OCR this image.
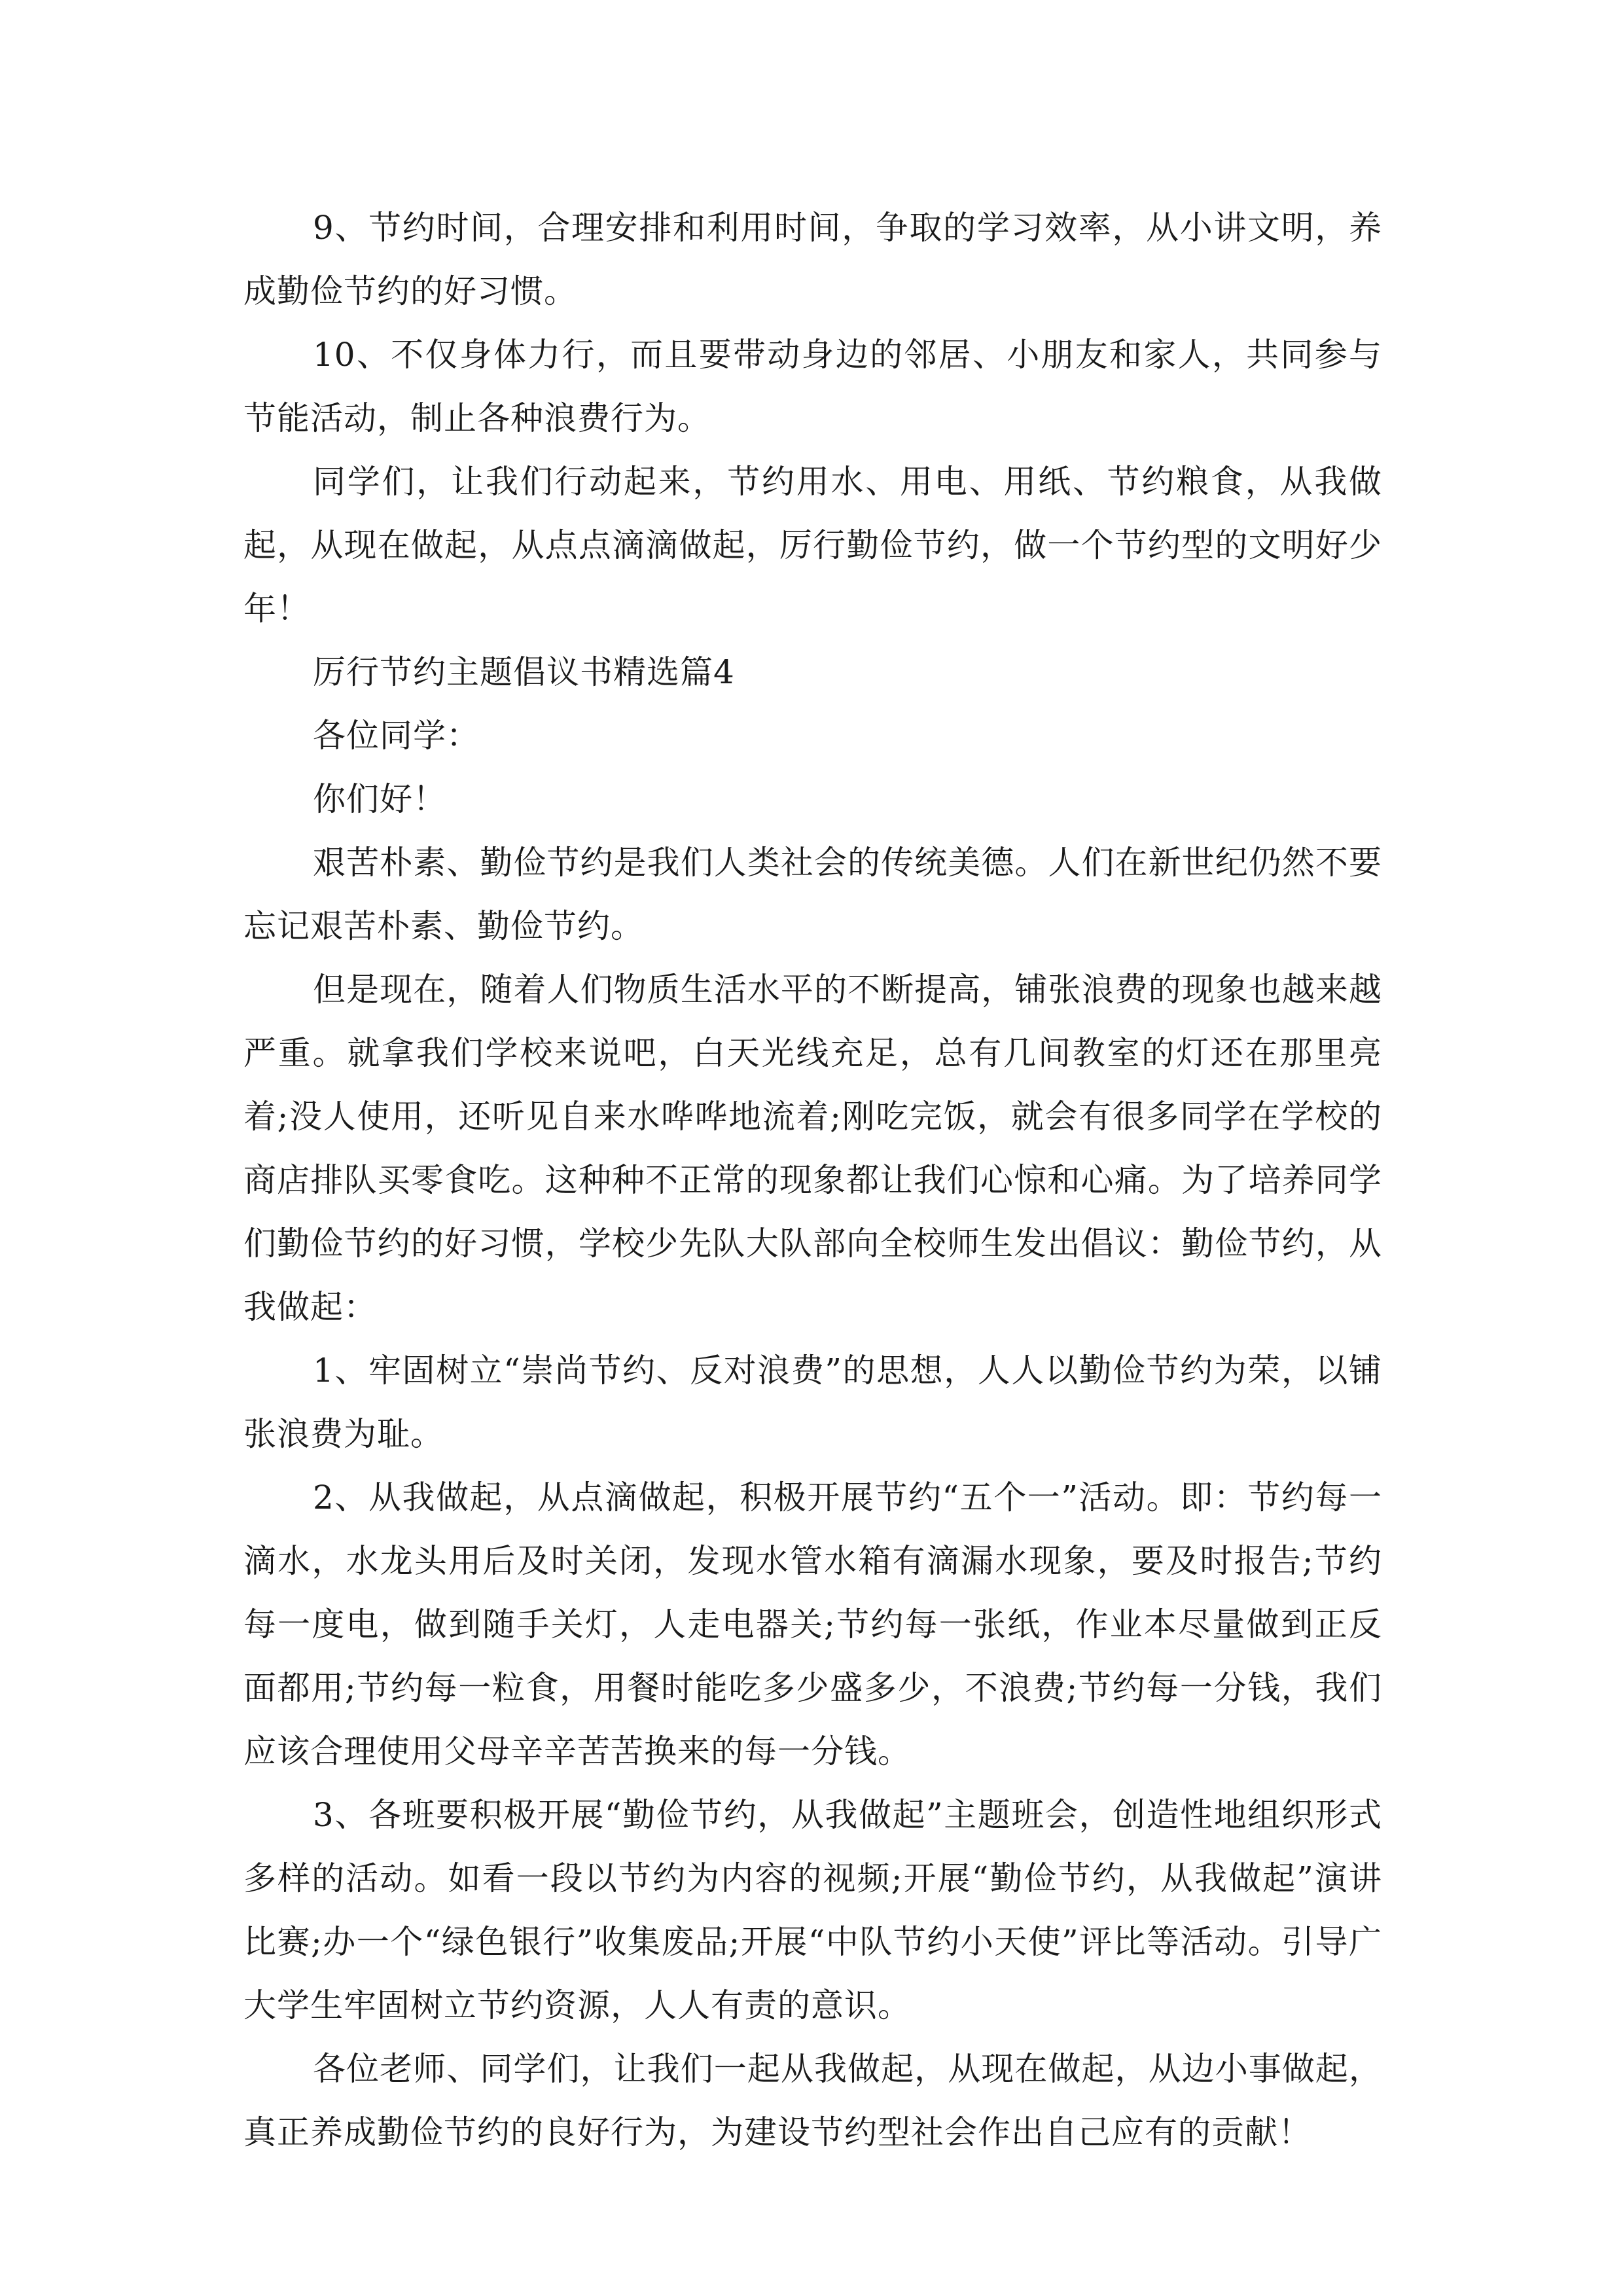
9、节约时间，合理安排和利用时间，争取的学习效率，从小讲文明，养成勤俭节约的好习惯。

10、不仅身体力行，而且要带动身边的邻居、小朋友和家人，共同参与节能活动，制止各种浪费行为。

同学们，让我们行动起来，节约用水、用电、用纸、节约粮食，从我做起，从现在做起，从点点滴滴做起，厉行勤俭节约，做一个节约型的文明好少年！

厉行节约主题倡议书精选篇4

各位同学：

你们好！

艰苦朴素、勤俭节约是我们人类社会的传统美德。人们在新世纪仍然不要忘记艰苦朴素、勤俭节约。

但是现在，随着人们物质生活水平的不断提高，铺张浪费的现象也越来越严重。就拿我们学校来说吧，白天光线充足，总有几间教室的灯还在那里亮着;没人使用，还听见自来水哗哗地流着;刚吃完饭，就会有很多同学在学校的商店排队买零食吃。这种种不正常的现象都让我们心惊和心痛。为了培养同学们勤俭节约的好习惯，学校少先队大队部向全校师生发出倡议：勤俭节约，从我做起：

1、牢固树立“崇尚节约、反对浪费”的思想，人人以勤俭节约为荣，以铺张浪费为耻。

2、从我做起，从点滴做起，积极开展节约“五个一”活动。即：节约每一滴水，水龙头用后及时关闭，发现水管水箱有滴漏水现象，要及时报告;节约每一度电，做到随手关灯，人走电器关;节约每一张纸，作业本尽量做到正反面都用;节约每一粒食，用餐时能吃多少盛多少，不浪费;节约每一分钱，我们应该合理使用父母辛辛苦苦换来的每一分钱。

3、各班要积极开展“勤俭节约，从我做起”主题班会，创造性地组织形式多样的活动。如看一段以节约为内容的视频;开展“勤俭节约，从我做起”演讲比赛;办一个“绿色银行”收集废品;开展“中队节约小天使”评比等活动。引导广大学生牢固树立节约资源，人人有责的意识。

各位老师、同学们，让我们一起从我做起，从现在做起，从边小事做起，真正养成勤俭节约的良好行为，为建设节约型社会作出自己应有的贡献！
